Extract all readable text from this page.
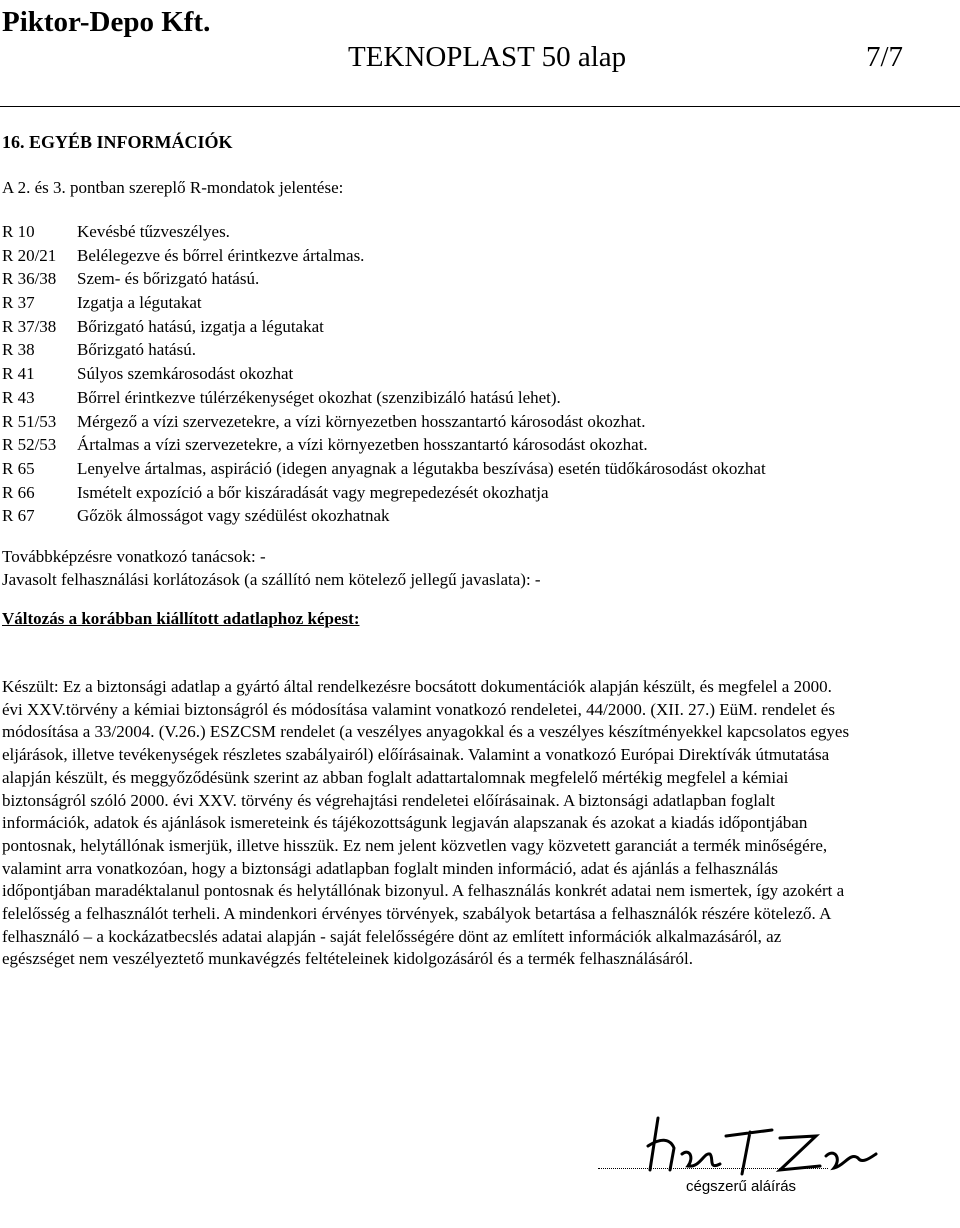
Piktor-Depo Kft.
TEKNOPLAST 50 alap	7/7
16. EGYÉB INFORMÁCIÓK
A 2. és 3. pontban szereplő R-mondatok jelentése:
R 10	Kevésbé tűzveszélyes.
R 20/21	Belélegezve és bőrrel érintkezve ártalmas.
R 36/38	Szem- és bőrizgató hatású.
R 37	Izgatja a légutakat
R 37/38	Bőrizgató hatású, izgatja a légutakat
R 38	Bőrizgató hatású.
R 41	Súlyos szemkárosodást okozhat
R 43	Bőrrel érintkezve túlérzékenységet okozhat (szenzibizáló hatású lehet).
R 51/53	Mérgező a vízi szervezetekre, a vízi környezetben hosszantartó károsodást okozhat.
R 52/53	Ártalmas a vízi szervezetekre, a vízi környezetben hosszantartó károsodást okozhat.
R 65	Lenyelve ártalmas, aspiráció (idegen anyagnak a légutakba beszívása) esetén tüdőkárosodást okozhat
R 66	Ismételt expozíció a bőr kiszáradását vagy megrepedezését okozhatja
R 67	Gőzök álmosságot vagy szédülést okozhatnak
Továbbképzésre vonatkozó tanácsok: -
Javasolt felhasználási korlátozások (a szállító nem kötelező jellegű javaslata): -
Változás a korábban kiállított adatlaphoz képest:

Készült: Ez a biztonsági adatlap a gyártó által rendelkezésre bocsátott dokumentációk alapján készült, és megfelel a 2000.

évi XXV.törvény a kémiai biztonságról és módosítása valamint vonatkozó rendeletei, 44/2000. (XII. 27.) EüM. rendelet és

módosítása a 33/2004. (V.26.) ESZCSM rendelet (a veszélyes anyagokkal és a veszélyes készítményekkel kapcsolatos egyes

eljárások, illetve tevékenységek részletes szabályairól) előírásainak. Valamint a vonatkozó Európai Direktívák útmutatása

alapján készült, és meggyőződésünk szerint az abban foglalt adattartalomnak megfelelő mértékig megfelel a kémiai

biztonságról szóló 2000. évi XXV. törvény és végrehajtási rendeletei előírásainak. A biztonsági adatlapban foglalt

információk, adatok és ajánlások ismereteink és tájékozottságunk legjaván alapszanak és azokat a kiadás időpontjában

pontosnak, helytállónak ismerjük, illetve hisszük. Ez nem jelent közvetlen vagy közvetett garanciát a termék minőségére,

valamint arra vonatkozóan, hogy a biztonsági adatlapban foglalt minden információ, adat és ajánlás a felhasználás

időpontjában maradéktalanul pontosnak és helytállónak bizonyul. A felhasználás konkrét adatai nem ismertek, így azokért a

felelősség a felhasználót terheli. A mindenkori érvényes törvények, szabályok betartása a felhasználók részére kötelező. A

felhasználó – a kockázatbecslés adatai alapján - saját felelősségére dönt az említett információk alkalmazásáról, az

egészséget nem veszélyeztető munkavégzés feltételeinek kidolgozásáról és a termék felhasználásáról.

cégszerű aláírás
